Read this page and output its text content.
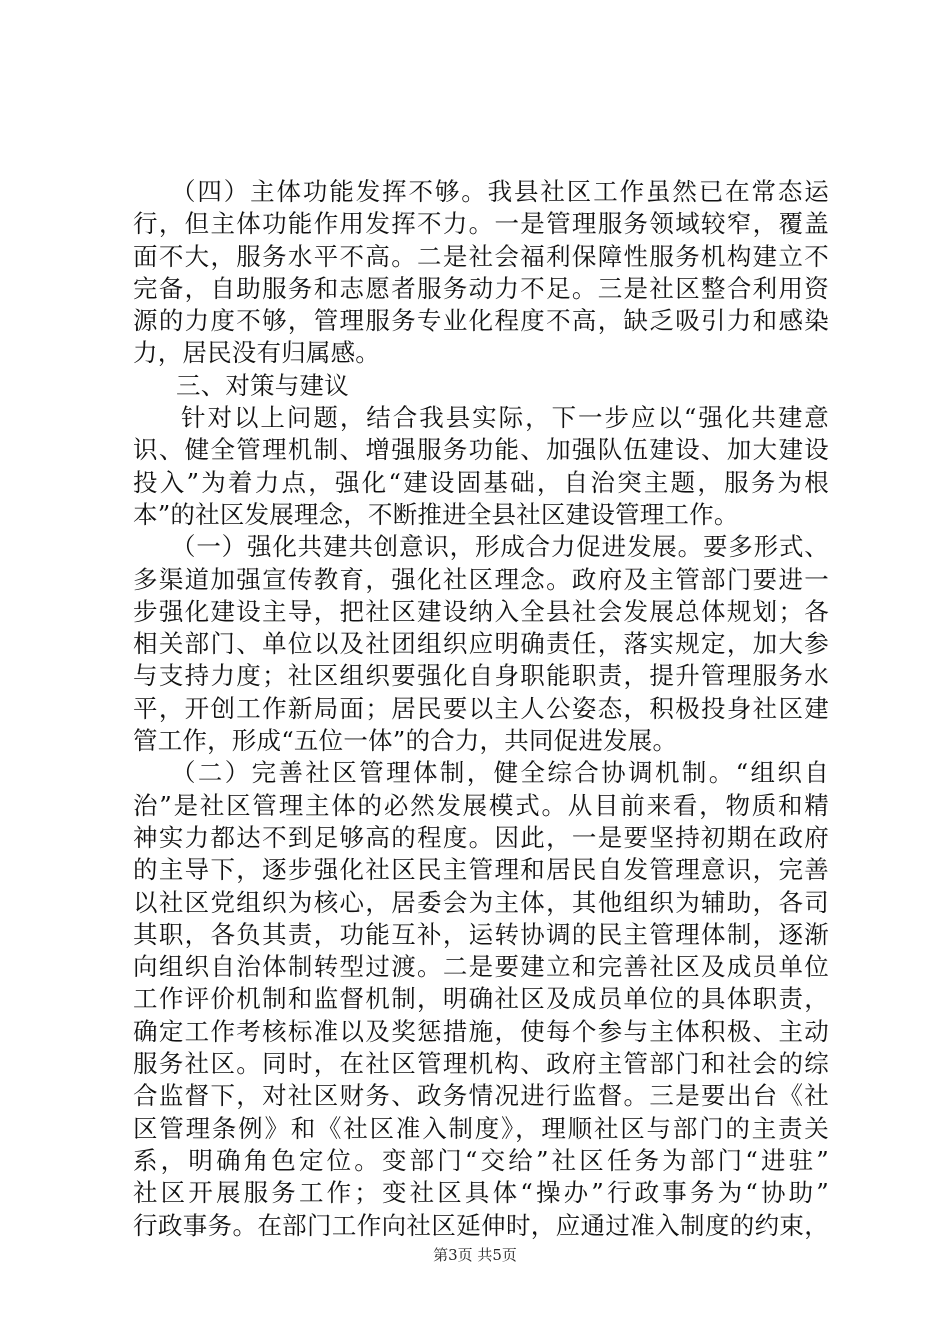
（四）主体功能发挥不够。我县社区工作虽然已在常态运
行，但主体功能作用发挥不力。一是管理服务领域较窄，覆盖
面不大，服务水平不高。二是社会福利保障性服务机构建立不
完备，自助服务和志愿者服务动力不足。三是社区整合利用资
源的力度不够，管理服务专业化程度不高，缺乏吸引力和感染
力，居民没有归属感。
三、对策与建议
针对以上问题，结合我县实际，下一步应以“强化共建意
识、健全管理机制、增强服务功能、加强队伍建设、加大建设
投入”为着力点，强化“建设固基础，自治突主题，服务为根
本”的社区发展理念，不断推进全县社区建设管理工作。
（一）强化共建共创意识，形成合力促进发展。要多形式、
多渠道加强宣传教育，强化社区理念。政府及主管部门要进一
步强化建设主导，把社区建设纳入全县社会发展总体规划；各
相关部门、单位以及社团组织应明确责任，落实规定，加大参
与支持力度；社区组织要强化自身职能职责，提升管理服务水
平，开创工作新局面；居民要以主人公姿态，积极投身社区建
管工作，形成“五位一体”的合力，共同促进发展。
（二）完善社区管理体制，健全综合协调机制。“组织自
治”是社区管理主体的必然发展模式。从目前来看，物质和精
神实力都达不到足够高的程度。因此，一是要坚持初期在政府
的主导下，逐步强化社区民主管理和居民自发管理意识，完善
以社区党组织为核心，居委会为主体，其他组织为辅助，各司
其职，各负其责，功能互补，运转协调的民主管理体制，逐渐
向组织自治体制转型过渡。二是要建立和完善社区及成员单位
工作评价机制和监督机制，明确社区及成员单位的具体职责，
确定工作考核标准以及奖惩措施，使每个参与主体积极、主动
服务社区。同时，在社区管理机构、政府主管部门和社会的综
合监督下，对社区财务、政务情况进行监督。三是要出台《社
区管理条例》和《社区准入制度》，理顺社区与部门的主责关
系，明确角色定位。变部门“交给”社区任务为部门“进驻”
社区开展服务工作；变社区具体“操办”行政事务为“协助”
行政事务。在部门工作向社区延伸时，应通过准入制度的约束，
第3页 共5页
